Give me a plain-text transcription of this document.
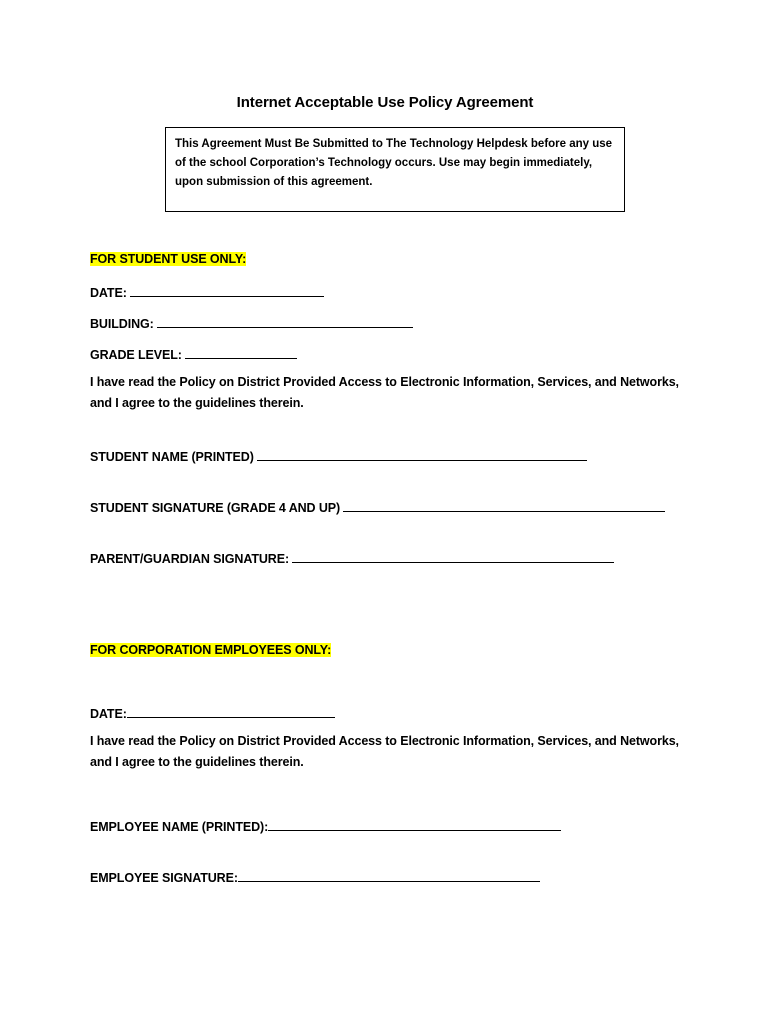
Internet Acceptable Use Policy Agreement
This Agreement Must Be Submitted to The Technology Helpdesk before any use of the school Corporation’s Technology occurs. Use may begin immediately, upon submission of this agreement.
FOR STUDENT USE ONLY:
DATE:
BUILDING:
GRADE LEVEL:
I have read the Policy on District Provided Access to Electronic Information, Services, and Networks, and I agree to the guidelines therein.
STUDENT NAME (PRINTED)
STUDENT SIGNATURE (GRADE 4 AND UP)
PARENT/GUARDIAN SIGNATURE:
FOR CORPORATION EMPLOYEES ONLY:
DATE:
I have read the Policy on District Provided Access to Electronic Information, Services, and Networks, and I agree to the guidelines therein.
EMPLOYEE NAME (PRINTED):
EMPLOYEE SIGNATURE:
